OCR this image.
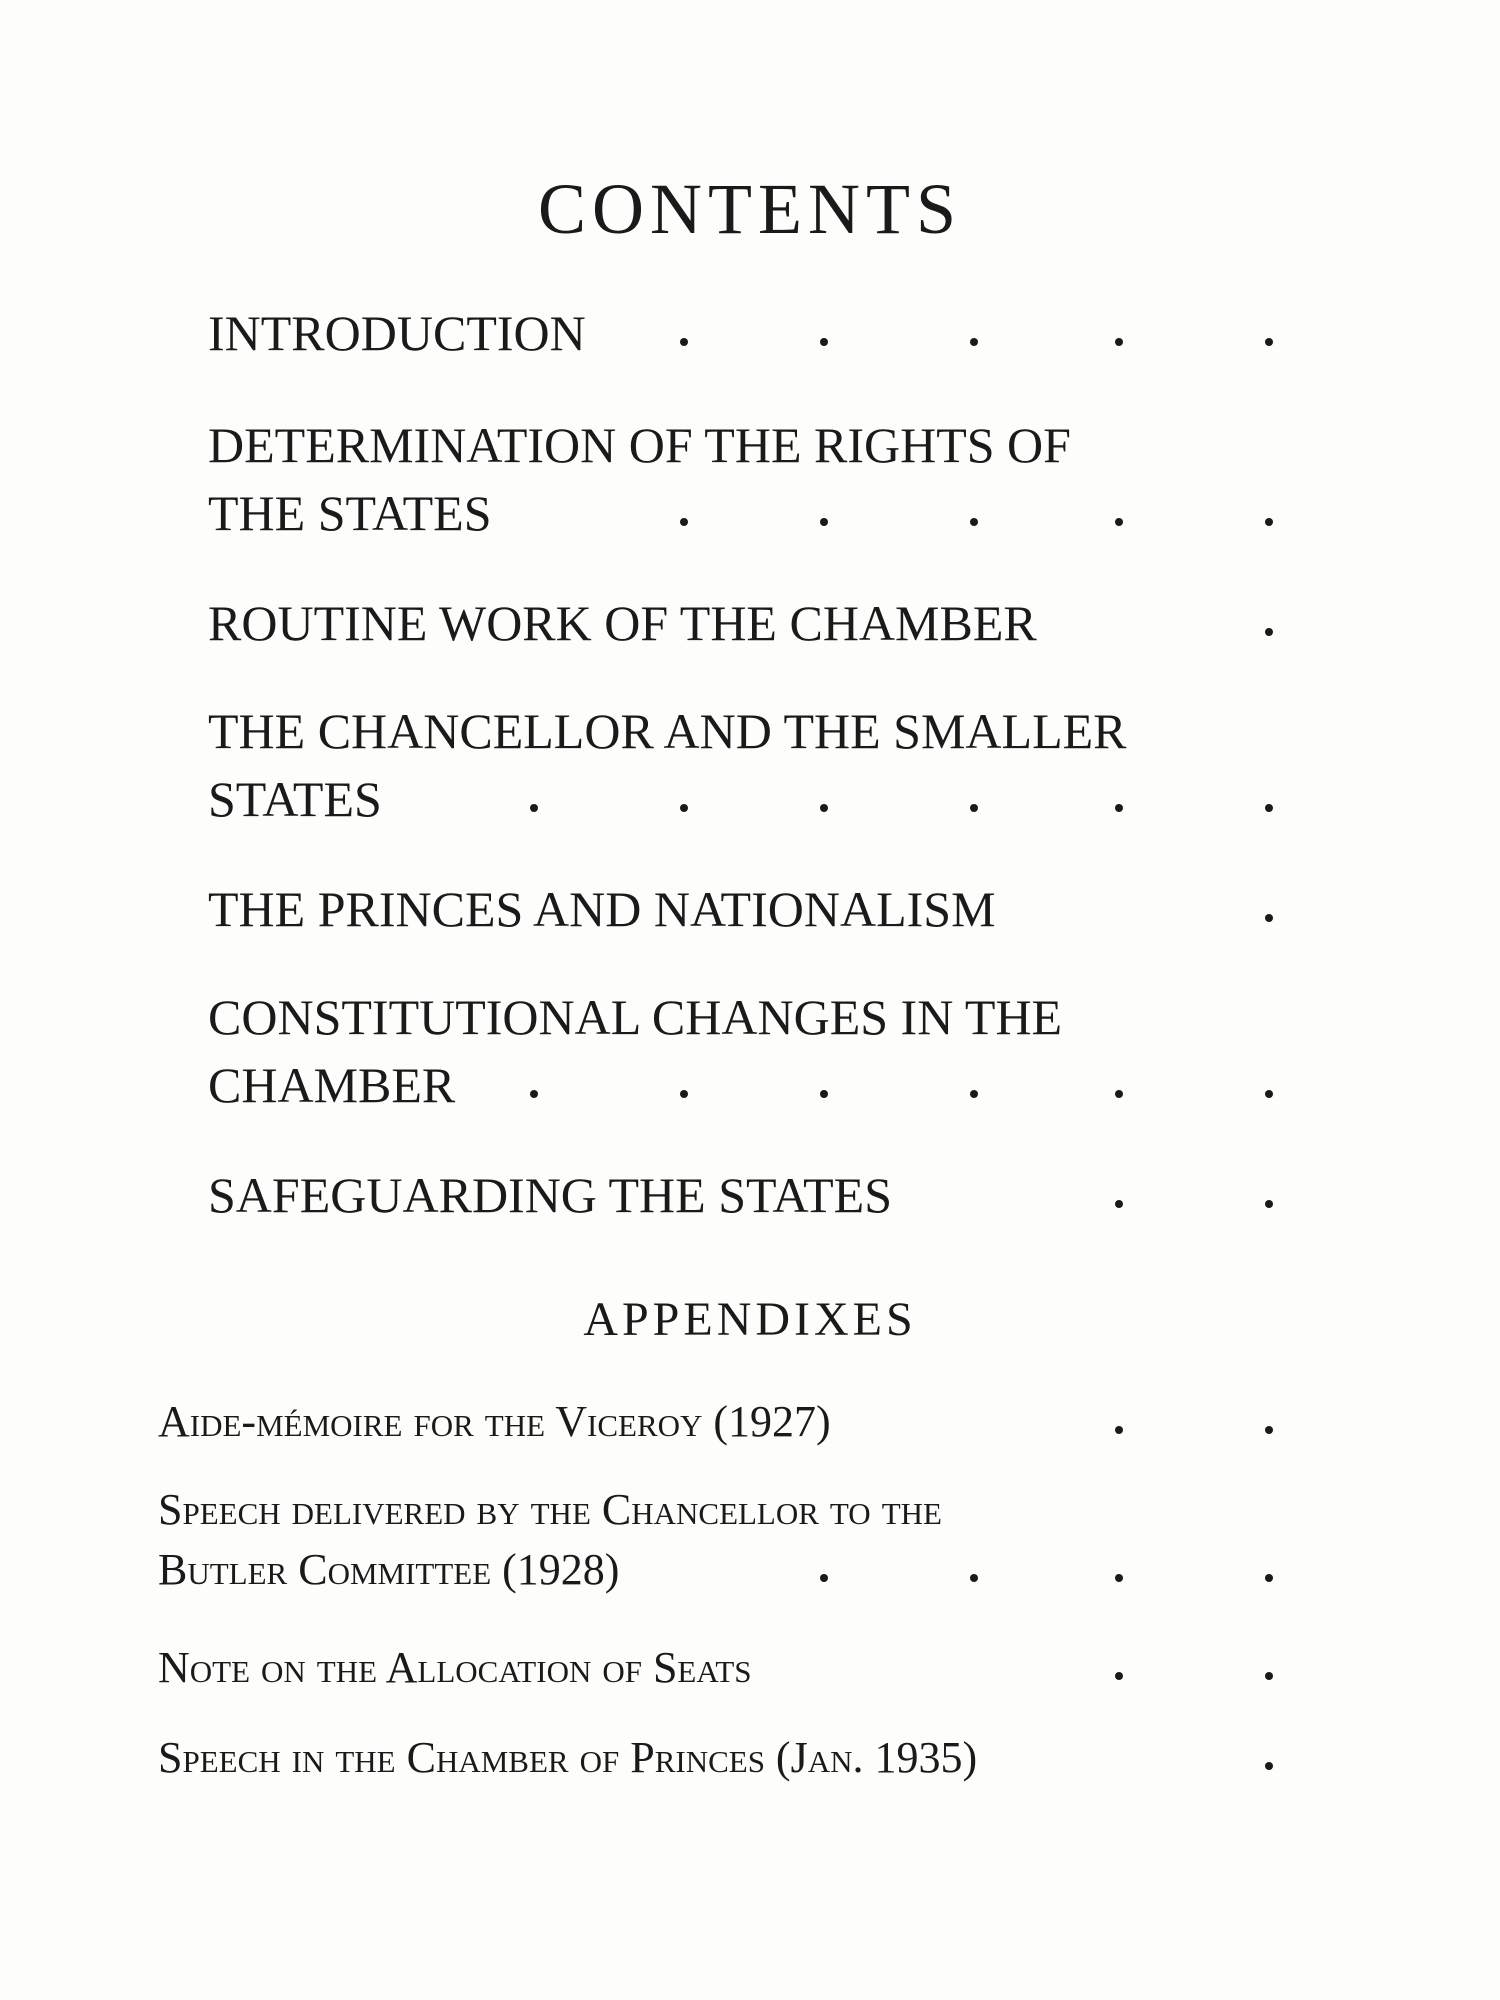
CONTENTS
INTRODUCTION
DETERMINATION OF THE RIGHTS OF
THE STATES
ROUTINE WORK OF THE CHAMBER
THE CHANCELLOR AND THE SMALLER
STATES
THE PRINCES AND NATIONALISM
CONSTITUTIONAL CHANGES IN THE
CHAMBER
SAFEGUARDING THE STATES
APPENDIXES
Aide-mémoire for the Viceroy (1927)
Speech delivered by the Chancellor to the
Butler Committee (1928)
Note on the Allocation of Seats
Speech in the Chamber of Princes (Jan. 1935)
